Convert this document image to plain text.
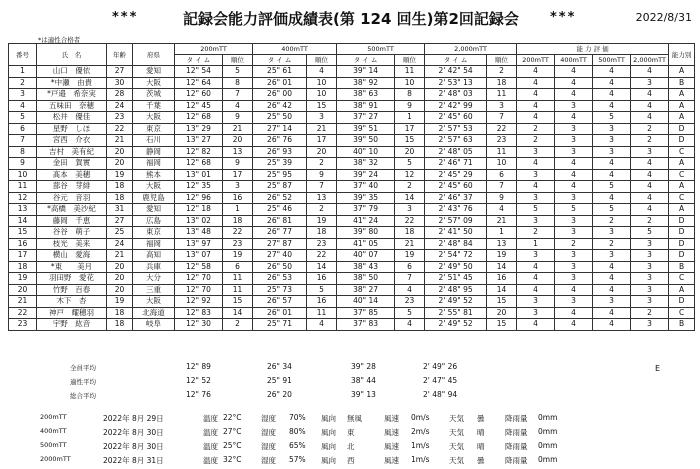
***	記録会能力評価成績表(第 124 回生)第2回記録会 ***	2022/8/31
*は適性合格者
番号	氏　名	年齢	府県	200mTT		400mTT		500mTT		2,000mTT		能 力 評 価				能力別
				タ イ ム	順位	タ イ ム	順位	タ イ ム	順位	タ イ ム	順位	200mTT	400mTT	500mTT	2,000mTT	
1	山口　優依	27	愛知	12" 54	5	25" 61	4	39" 14	11	2' 42" 54	2	4	4	4	4	A
2	*中瀬　由貴	30	大阪	12" 64	8	26" 01	10	38" 92	10	2' 53" 13	18	4	4	4	3	B
3	*戸邉　希奈実	28	茨城	12" 60	7	26" 00	10	38" 63	8	2' 48" 03	11	4	4	4	4	A
4	五味田　奈穂	24	千葉	12" 45	4	26" 42	15	38" 91	9	2' 42" 99	3	4	3	4	4	A
5	松井　優佳	23	大阪	12" 68	9	25" 50	3	37" 27	1	2' 45" 60	7	4	4	5	4	A
6	星野　しほ	22	東京	13" 29	21	27" 14	21	39" 51	17	2' 57" 53	22	2	3	3	2	D
7	宮西　介衣	21	石川	13" 27	20	26" 76	17	39" 50	15	2' 57" 63	23	2	3	3	2	D
8	吉村　美有紀	20	静岡	12" 82	13	26" 93	20	40" 10	20	2' 48" 05	11	3	3	3	3	C
9	金田　賀實	20	福岡	12" 68	9	25" 39	2	38" 32	5	2' 46" 71	10	4	4	4	4	A
10	髙本　美穂	19	熊本	13" 01	17	25" 95	9	39" 24	12	2' 45" 29	6	3	4	4	4	C
11	蔀谷　芽緋	18	大阪	12" 35	3	25" 87	7	37" 40	2	2' 45" 60	7	4	4	5	4	A
12	谷元　音羽	18	鹿児島	12" 96	16	26" 52	13	39" 35	14	2' 46" 37	9	3	3	4	4	C
13	*高橋　美沙紀	31	愛知	12" 18	1	25" 46	2	37" 79	3	2' 43" 76	4	5	5	5	4	A
14	藤岡　千恵	27	広島	13" 02	18	26" 81	19	41" 24	22	2' 57" 09	21	3	3	2	2	D
15	谷谷　萌子	25	東京	13" 48	22	26" 77	18	39" 80	18	2' 41" 50	1	2	3	3	5	D
16	枝光　美来	24	福岡	13" 97	23	27" 87	23	41" 05	21	2' 48" 84	13	1	2	2	3	D
17	横山　愛海	21	高知	13" 07	19	27" 40	22	40" 07	19	2' 54" 72	19	3	3	3	3	D
18	*東　　美月	20	兵庫	12" 58	6	26" 50	14	38" 43	6	2' 49" 50	14	4	3	4	3	B
19	羽田野　愛花	20	大分	12" 70	11	26" 53	16	38" 50	7	2' 51" 45	16	4	3	4	3	C
20	竹野　百春	20	三重	12" 70	11	25" 73	5	38" 27	4	2' 48" 95	14	4	4	4	3	A
21	木下　杏	19	大阪	12" 92	15	26" 57	16	40" 14	23	2' 49" 52	15	3	3	3	3	D
22	神戸　耀穂羽	18	北海道	12" 83	14	26" 01	11	37" 85	5	2' 55" 81	20	3	4	4	2	C
23	宇野　紘音	18	岐阜	12" 30	2	25" 71	4	37" 83	4	2' 49" 52	15	4	4	4	3	B
全員平均	12" 89	26" 34	39" 28	2' 49" 26
適性平均	12" 52	25" 91	38" 44	2' 47" 45
総合平均	12" 76	26" 20	39" 13	2' 48" 94
E
200mTT	2022年 8月 29日	温度 22°C	湿度 70% 風向 無風	風速 0m/s	天気 曇	降雨量 0mm
400mTT	2022年 8月 30日	温度 27°C	湿度 80% 風向 東	風速 2m/s	天気 晴	降雨量 0mm
500mTT	2022年 8月 30日	温度 25°C	湿度 65% 風向 北	風速 1m/s	天気 晴	降雨量 0mm
2000mTT	2022年 8月 31日	温度 32°C	湿度 57% 風向 西	風速 1m/s	天気 曇	降雨量 0mm
